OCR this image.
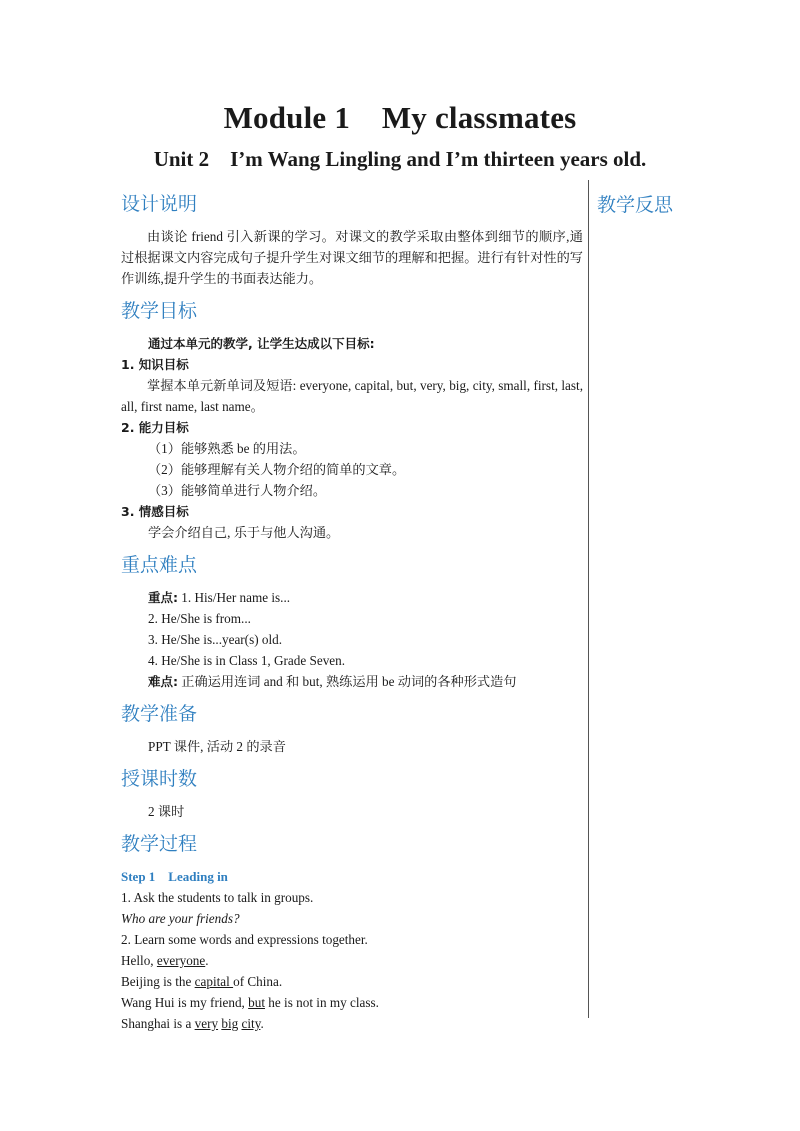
Module 1    My classmates
Unit 2    I’m Wang Lingling and I’m thirteen years old.
教学反思
设计说明

由谈论 friend 引入新课的学习。对课文的教学采取由整体到细节的顺序,通过根据课文内容完成句子提升学生对课文细节的理解和把握。进行有针对性的写作训练,提升学生的书面表达能力。

教学目标

通过本单元的教学, 让学生达成以下目标:

1. 知识目标

掌握本单元新单词及短语: everyone, capital, but, very, big, city, small, first, last, all, first name, last name。

2. 能力目标

（1）能够熟悉 be 的用法。

（2）能够理解有关人物介绍的简单的文章。

（3）能够简单进行人物介绍。

3. 情感目标

学会介绍自己, 乐于与他人沟通。

重点难点

重点: 1. His/Her name is...

2. He/She is from...

3. He/She is...year(s) old.

4. He/She is in Class 1, Grade Seven.

难点: 正确运用连词 and 和 but, 熟练运用 be 动词的各种形式造句

教学准备

PPT 课件, 活动 2 的录音

授课时数

2 课时

教学过程

Step 1    Leading in

1. Ask the students to talk in groups.

Who are your friends?

2. Learn some words and expressions together.

Hello, everyone.

Beijing is the capital of China.

Wang Hui is my friend, but he is not in my class.

Shanghai is a very big city.
